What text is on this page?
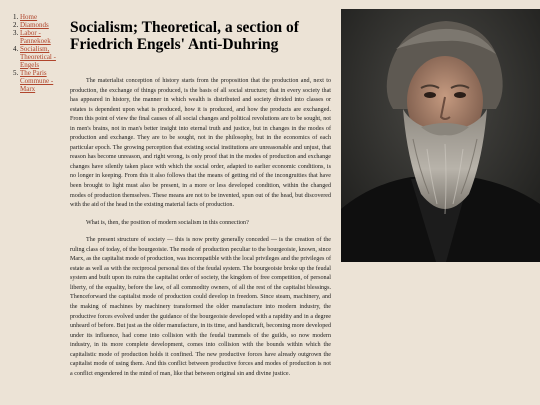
1. Home
2. Diamonds
3. Labor - Pannekoek
4. Socialism, Theoretical - Engels
5. The Paris Commune - Marx
Socialism; Theoretical, a section of Friedrich Engels' Anti-Duhring

The materialist conception of history starts from the proposition that the production and, next to production, the exchange of things produced, is the basis of all social structure; that in every society that has appeared in history, the manner in which wealth is distributed and society divided into classes or estates is dependent upon what is produced, how it is produced, and how the products are exchanged. From this point of view the final causes of all social changes and political revolutions are to be sought, not in men's brains, not in man's better insight into eternal truth and justice, but in changes in the modes of production and exchange. They are to be sought, not in the philosophy, but in the economics of each particular epoch. The growing perception that existing social institutions are unreasonable and unjust, that reason has become unreason, and right wrong, is only proof that in the modes of production and exchange changes have silently taken place with which the social order, adapted to earlier economic conditions, is no longer in keeping. From this it also follows that the means of getting rid of the incongruities that have been brought to light must also be present, in a more or less developed condition, within the changed modes of production themselves. These means are not to be invented, spun out of the head, but discovered with the aid of the head in the existing material facts of production.

What is, then, the position of modern socialism in this connection?

The present structure of society — this is now pretty generally conceded — is the creation of the ruling class of today, of the bourgeoisie. The mode of production peculiar to the bourgeoisie, known, since Marx, as the capitalist mode of production, was incompatible with the local privileges and the privileges of estate as well as with the reciprocal personal ties of the feudal system. The bourgeoisie broke up the feudal system and built upon its ruins the capitalist order of society, the kingdom of free competition, of personal liberty, of the equality, before the law, of all commodity owners, of all the rest of the capitalist blessings. Thenceforward the capitalist mode of production could develop in freedom. Since steam, machinery, and the making of machines by machinery transformed the older manufacture into modern industry, the productive forces evolved under the guidance of the bourgeoisie developed with a rapidity and in a degree unheard of before. But just as the older manufacture, in its time, and handicraft, becoming more developed under its influence, had come into collision with the feudal trammels of the guilds, so now modern industry, in its more complete development, comes into collision with the bounds within which the capitalistic mode of production holds it confined. The new productive forces have already outgrown the capitalist mode of using them. And this conflict between productive forces and modes of production is not a conflict engendered in the mind of man, like that between original sin and divine justice.
